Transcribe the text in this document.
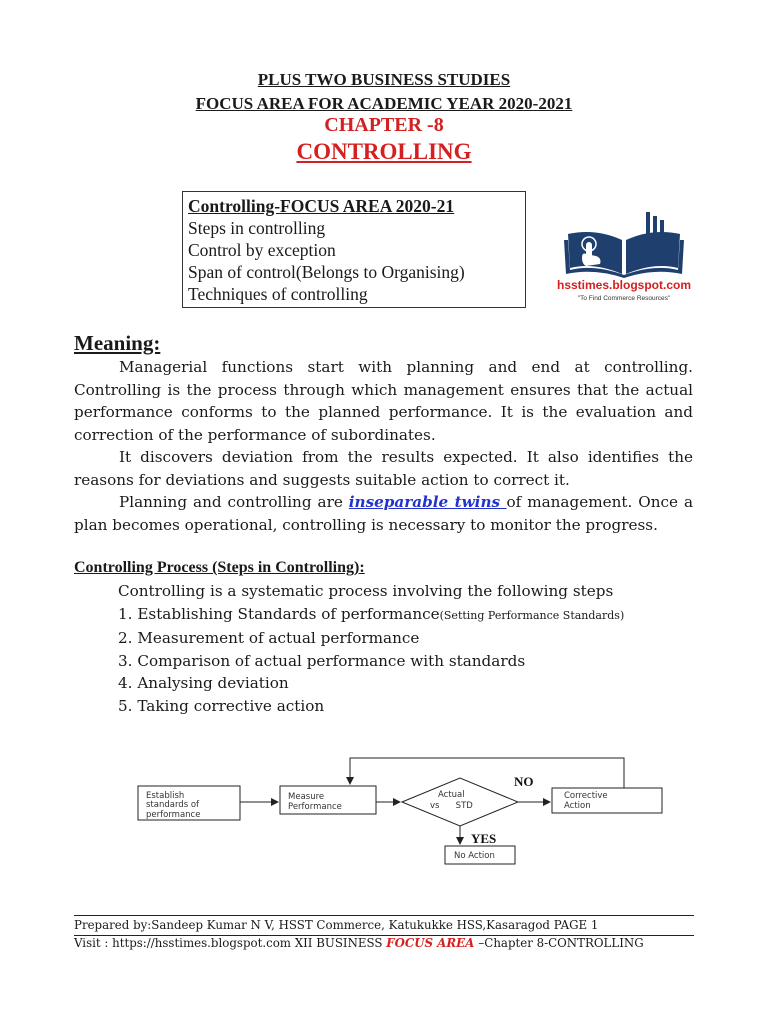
PLUS TWO BUSINESS STUDIES
FOCUS AREA FOR ACADEMIC YEAR 2020-2021
CHAPTER -8
CONTROLLING
Controlling-FOCUS AREA 2020-21
Steps in controlling
Control by exception
Span of control(Belongs to Organising)
Techniques of controlling	hsstimes.blogspot.com
"To Find Commerce Resources"
Meaning:
Managerial functions start with planning and end at controlling. Controlling is the process through which management ensures that the actual performance conforms to the planned performance. It is the evaluation and correction of the performance of subordinates.
It discovers deviation from the results expected. It also identifies the reasons for deviations and suggests suitable action to correct it.
Planning and controlling are inseparable twins of management. Once a plan becomes operational, controlling is necessary to monitor the progress.
Controlling Process (Steps in Controlling):
Controlling is a systematic process involving the following steps
1. Establishing Standards of performance(Setting Performance Standards)
2. Measurement of actual performance
3. Comparison of actual performance with standards
4. Analysing deviation
5. Taking corrective action
Establish
standards of
performance
Measure
Performance
Actual
vs      STD
Corrective
Action
No Action
NO
YES
Prepared by:Sandeep Kumar N V, HSST Commerce, Katukukke HSS,Kasaragod PAGE 1
Visit : https://hsstimes.blogspot.com XII BUSINESS FOCUS AREA –Chapter 8-CONTROLLING
